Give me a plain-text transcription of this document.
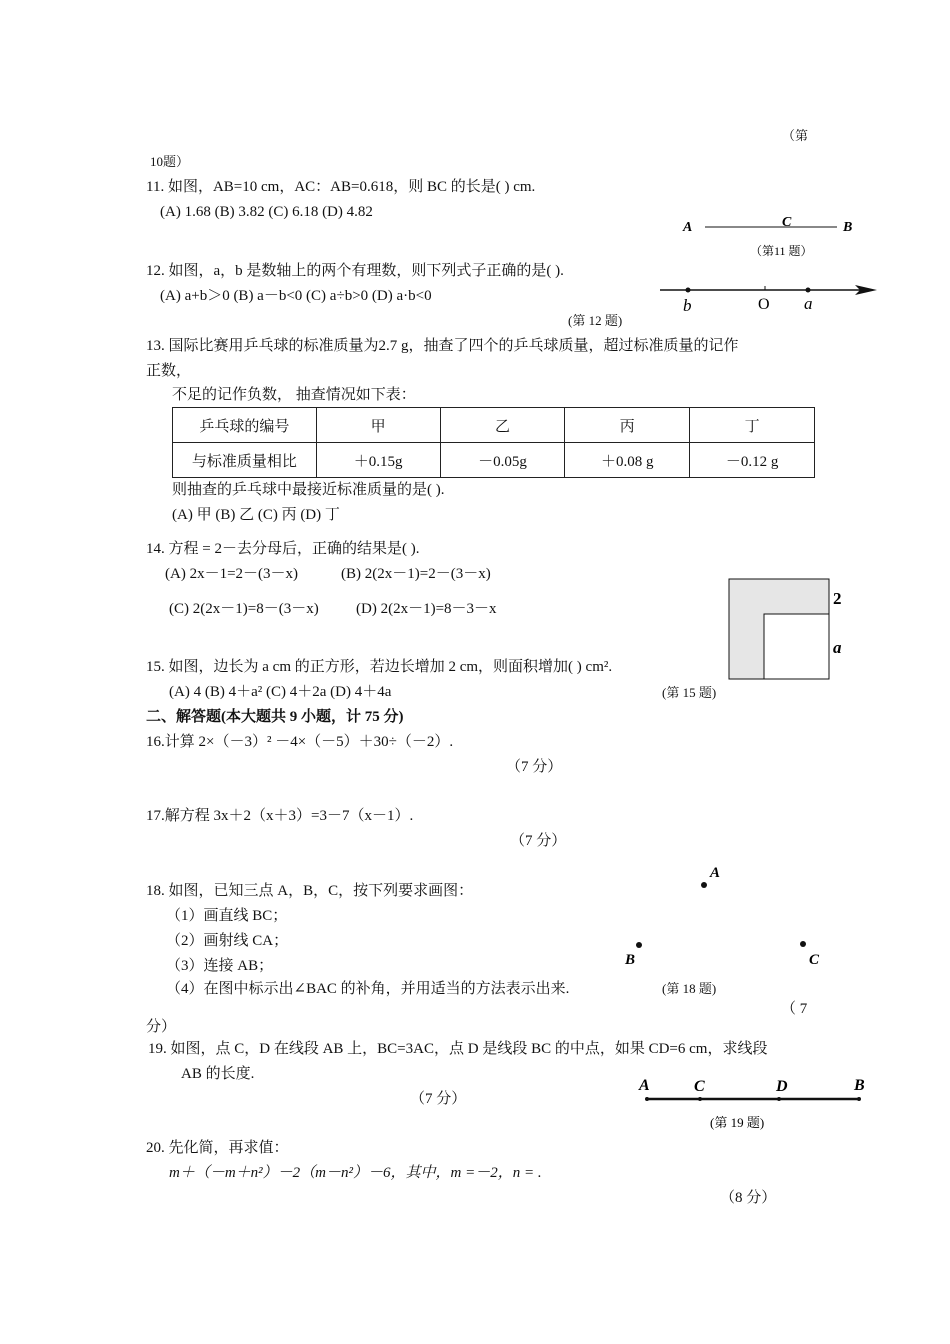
（第
10题）
11. 如图，AB=10 cm，AC：AB=0.618，则 BC 的长是( ) cm.
(A) 1.68 (B) 3.82 (C) 6.18 (D) 4.82
A	C	B
（第11 题）
12. 如图，a，b 是数轴上的两个有理数，则下列式子正确的是( ).
(A) a+b＞0 (B) a－b<0 (C) a÷b>0 (D) a·b<0	b	O a
(第 12 题)
13. 国际比赛用乒乓球的标准质量为2.7 g，抽查了四个的乒乓球质量，超过标准质量的记作
正数，
不足的记作负数， 抽查情况如下表：
乒乓球的编号	甲	乙	丙	丁
与标准质量相比	＋0.15g	－0.05g	＋0.08 g	－0.12 g
则抽查的乒乓球中最接近标准质量的是( ).
(A) 甲 (B) 乙 (C) 丙 (D) 丁
14. 方程 = 2－去分母后，正确的结果是( ).
(A) 2x－1=2－(3－x)	(B) 2(2x－1)=2－(3－x)
(C) 2(2x－1)=8－(3－x) (D) 2(2x－1)=8－3－x
2
a
15. 如图，边长为 a cm 的正方形，若边长增加 2 cm，则面积增加( ) cm².
(A) 4 (B) 4＋a² (C) 4＋2a (D) 4＋4a	(第 15 题)
二、解答题(本大题共 9 小题，计 75 分)
16.计算 2×（－3）² －4×（－5）＋30÷（－2）.
（7 分）
17.解方程 3x＋2（x＋3）=3－7（x－1）.
（7 分）
A
B	C
18. 如图，已知三点 A，B，C，按下列要求画图：
（1）画直线 BC；
（2）画射线 CA；
（3）连接 AB；
（4）在图中标示出∠BAC 的补角，并用适当的方法表示出来.	(第 18 题)
（ 7
分）
19. 如图，点 C，D 在线段 AB 上，BC=3AC，点 D 是线段 BC 的中点，如果 CD=6 cm，求线段
AB 的长度.
（7 分）
A	C	D	B
(第 19 题)
20. 先化简，再求值：
m＋（－m＋n²）－2（m－n²）－6，其中，m =－2，n = .
（8 分）
